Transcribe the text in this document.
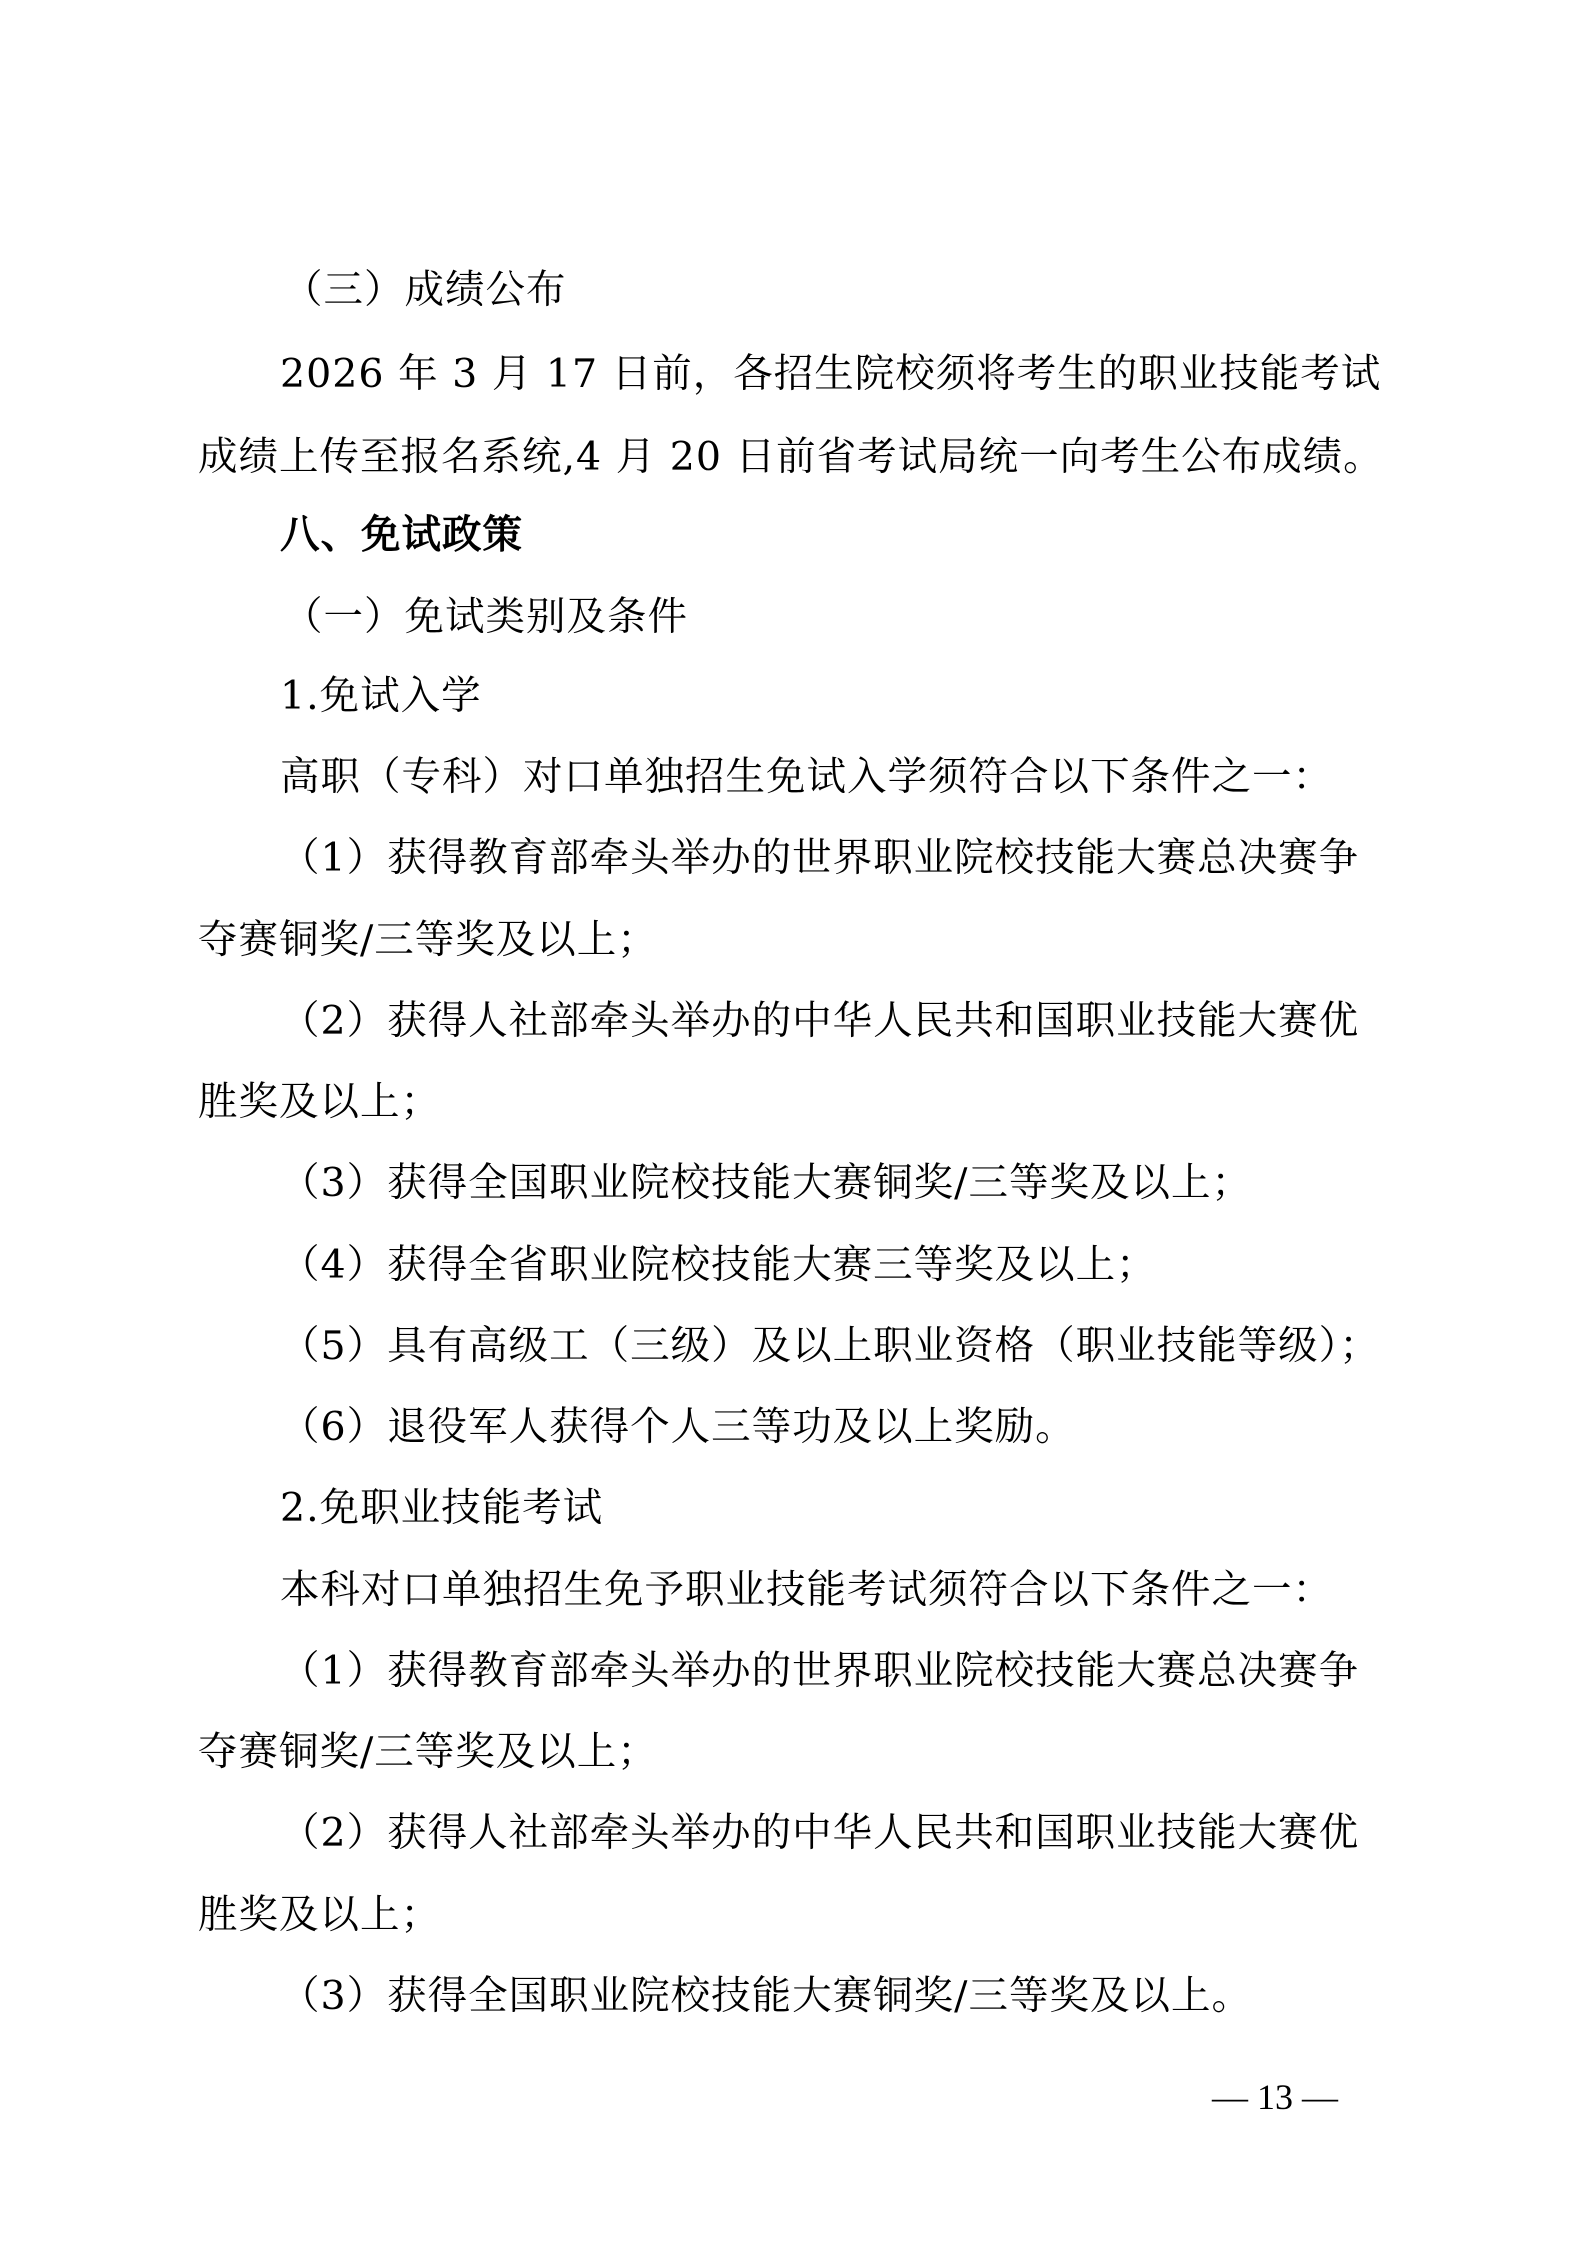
（三）成绩公布
2026 年 3 月 17 日前，各招生院校须将考生的职业技能考试
成绩上传至报名系统,4 月 20 日前省考试局统一向考生公布成绩。
八、免试政策
（一）免试类别及条件
1.免试入学
高职（专科）对口单独招生免试入学须符合以下条件之一：
（1）获得教育部牵头举办的世界职业院校技能大赛总决赛争
夺赛铜奖/三等奖及以上；
（2）获得人社部牵头举办的中华人民共和国职业技能大赛优
胜奖及以上；
（3）获得全国职业院校技能大赛铜奖/三等奖及以上；
（4）获得全省职业院校技能大赛三等奖及以上；
（5）具有高级工（三级）及以上职业资格（职业技能等级）；
（6）退役军人获得个人三等功及以上奖励。
2.免职业技能考试
本科对口单独招生免予职业技能考试须符合以下条件之一：
（1）获得教育部牵头举办的世界职业院校技能大赛总决赛争
夺赛铜奖/三等奖及以上；
（2）获得人社部牵头举办的中华人民共和国职业技能大赛优
胜奖及以上；
（3）获得全国职业院校技能大赛铜奖/三等奖及以上。
— 13 —
